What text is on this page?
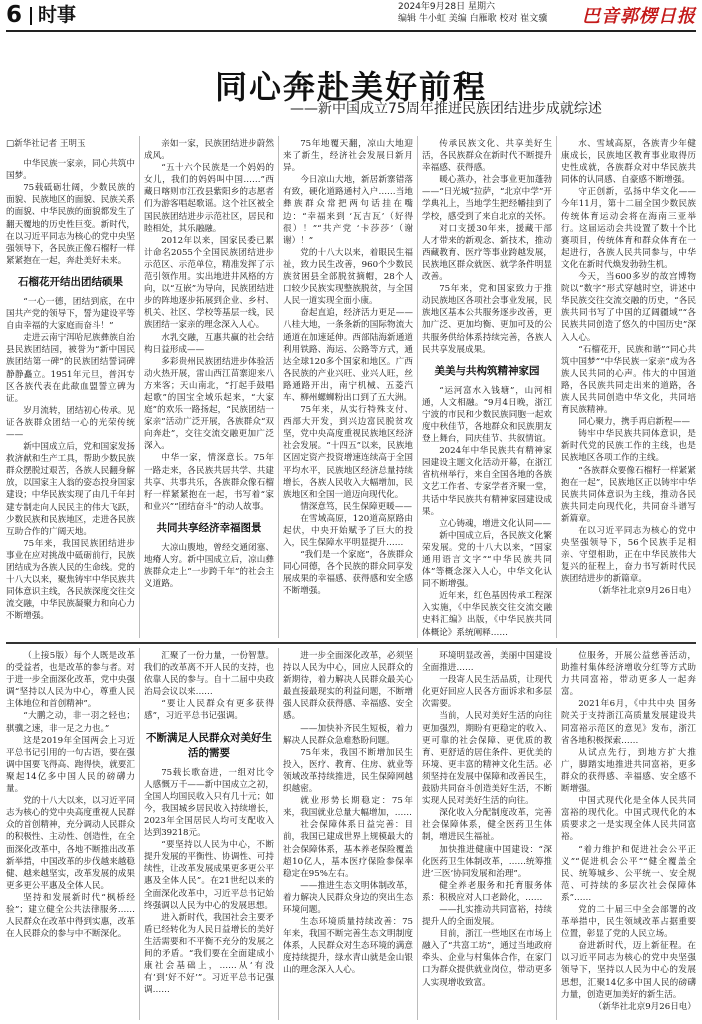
6 时事	2024年9月28日 星期六
编辑 牛小虹 美编 白雁歌 校对 崔文骥 巴音郭楞日报
同心奔赴美好前程
——新中国成立75周年推进民族团结进步成就综述

□新华社记者 王明玉

中华民族一家亲，同心共筑中国梦。

75载砥砺壮阔，少数民族的面貌、民族地区的面貌、民族关系的面貌、中华民族的面貌都发生了翻天覆地的历史性巨变。新时代，在以习近平同志为核心的党中央坚强领导下，各民族正像石榴籽一样紧紧抱在一起，奔赴美好未来。

石榴花开结出团结硕果

“一心一德，团结到底，在中国共产党的领导下，誓为建设平等自由幸福的大家庭而奋斗！”

走进云南宁洱哈尼族彝族自治县民族团结园，被誉为“新中国民族团结第一碑”的民族团结誓词碑静静矗立。1951年元旦，普洱专区各族代表在此歃血盟誓立碑为证。

岁月流转，团结初心传承。见证各族群众团结一心的光荣传统——

新中国成立后，党和国家发扬救济献和生产工具，帮助少数民族群众摆脱过艰苦，各族人民翻身解放，以国家主人翁的姿态投身国家建设；中华民族实现了由几千年封建专制走向人民民主的伟大飞跃，少数民族和民族地区，走进各民族互助合作的广阔天地。

75年来，我国民族团结进步事业在应对挑战中砥砺前行，民族团结成为各族人民的生命线。党的十八大以来，聚焦铸牢中华民族共同体意识主线，各民族深度交往交流交融，中华民族凝聚力和向心力不断增强。

亲如一家，民族团结进步蔚然成风。

“五十六个民族是一个妈妈的女儿，我们的妈妈叫中国……”西藏日喀则市江孜县紫阳乡的志愿者们为游客唱起歌谣。这个社区被全国民族团结进步示范社区，居民和睦相处，其乐融融。

2012年以来，国家民委已累计命名2055个全国民族团结进步示范区、示范单位，精准发挥了示范引领作用。实出地进井风格的方向，以“互嵌”为导向，民族团结进步的阵地逐步拓展到企业、乡村、机关、社区、学校等基层一线，民族团结一家亲的理念深入人心。

水乳交融，互惠共赢的社会结构日益形成——

多彩贵州民族团结进步体验活动火热开展，雷山西江苗寨迎来八方来客；天山南北，“打起手鼓唱起歌”的国宝全域乐起来，“大家庭”的欢乐一路扬起，“民族团结一家亲”活动广泛开展，各族群众“双向奔赴”，交往交流交融更加广泛深入。

中华一家，情深意长。75年一路走来，各民族共居共学、共建共享、共事共乐，各族群众像石榴籽一样紧紧抱在一起，书写着“家和业兴”“团结奋斗”的动人故事。

共同共享经济幸福图景

大凉山腹地，曾经交通闭塞、地瘠人穷。新中国成立后，凉山彝族群众走上“一步跨千年”的社会主义道路。

75年地覆天翻，凉山大地迎来了新生，经济社会发展日新月异。

今日凉山大地，新居新寨错落有致，硬化道路通村入户……当地彝族群众常把两句话挂在嘴边：“幸福来到 ‘瓦吉瓦’（好得很）！”“共产党 ‘卡莎莎’（谢谢）！”

党的十八大以来，着眼民生福祉，致力民生改善，960个少数民族贫困县全部脱贫摘帽，28个人口较少民族实现整族脱贫，与全国人民一道实现全面小康。

奋起直追，经济活力更足——八桂大地，一条条新的国际物流大通道在加速延伸。西部陆海新通道利用铁路、海运、公路等方式，通达全球120多个国家和地区。广西各民族的产业兴旺、业兴人旺，丝路通路开出，南宁机械、五菱汽车、柳州螺蛳粉出口到了五大洲。

75年来，从实行特殊支付、西部大开发，到兴边富民脱贫攻坚，党中央高度重视民族地区经济社会发展。“十四五”以来，民族地区固定资产投资增速连续高于全国平均水平，民族地区经济总量持续增长，各族人民收入大幅增加，民族地区和全国一道迈向现代化。

情深意笃，民生保障更暖——

在雪域高原，120道高原路由起伏，中央开始赋予了巨大的投入，民生保障水平明显提升……

“我们是一个家庭”，各族群众同心同德，各个民族的群众同享发展成果的幸福感、获得感和安全感不断增强。

传承民族文化、共享美好生活，各民族群众在新时代不断提升幸福感、获得感。

暖心蒸办，社会事业更加蓬勃——“日光城”拉萨，“北京中学”开学典礼上，当地学生把经幡挂到了学校，感受到了来自北京的关怀。

对口支援30年来，援藏干部人才带来的新观念、新技术，推动西藏教育、医疗等事业跨越发展，民族地区群众就医、就学条件明显改善。

75年来，党和国家致力于推动民族地区各项社会事业发展，民族地区基本公共服务逐步改善，更加广泛、更加均衡、更加可及的公共服务供给体系持续完善，各族人民共享发展成果。

美美与共构筑精神家园

“运河富水入钱塘”，山河相通，人文相融。“9月4日晚，浙江宁波的市民和少数民族同胞一起欢度中秋佳节，各地群众和民族朋友登上舞台，同庆佳节、共叙情谊。

2024年中华民族共有精神家园建设主题文化活动开幕，在浙江省杭州举行，来自全国各地的各族文艺工作者、专家学者齐聚一堂，共话中华民族共有精神家园建设成果。

立心铸魂，增进文化认同——

新中国成立后，各民族文化繁荣发展。党的十八大以来，“国家通用语言文字”“中华民族共同体”等概念深入人心，中华文化认同不断增强。

近年来，红色基因传承工程深入实施，《中华民族交往交流交融史料汇编》出版，《中华民族共同体概论》系统阐释……

水、雪域高原，各族青少年健康成长，民族地区教育事业取得历史性成就，各族群众对中华民族共同体的认同感、自豪感不断增强。

守正创新，弘扬中华文化——今年11月，第十二届全国少数民族传统体育运动会将在海南三亚举行。这届运动会共设置了数十个比赛项目，传统体育和群众体育在一起进行，各族人民共同参与，中华文化在新时代焕发勃勃生机。

今天，当600多岁的故宫博物院以“数字”形式穿越时空，讲述中华民族交往交流交融的历史，“各民族共同书写了中国的辽阔疆域”“各民族共同创造了悠久的中国历史”深入人心。

“石榴花开，民族和谐”“同心共筑中国梦”“中华民族一家亲”成为各族人民共同的心声。伟大的中国道路，各民族共同走出来的道路，各族人民共同创造中华文化，共同培育民族精神。

同心聚力，携手再启新程——

铸牢中华民族共同体意识，是新时代党的民族工作的主线，也是民族地区各项工作的主线。

“各族群众要像石榴籽一样紧紧抱在一起”，民族地区正以铸牢中华民族共同体意识为主线，推动各民族共同走向现代化，共同奋斗谱写新篇章。

在以习近平同志为核心的党中央坚强领导下，56个民族手足相亲、守望相助，正在中华民族伟大复兴的征程上，奋力书写新时代民族团结进步的新篇章。

（新华社北京9月26日电）

（上接5版）每个人既是改革的受益者，也是改革的参与者。对于进一步全面深化改革，党中央强调“坚持以人民为中心，尊重人民主体地位和首创精神”。

“大鹏之动，非一羽之轻也；骐骥之速，非一足之力也。”

这是2019年全国两会上习近平总书记引用的一句古语，要在强调中国要飞得高、跑得快，就要汇聚起14亿多中国人民的磅礴力量。

党的十八大以来，以习近平同志为核心的党中央高度重视人民群众的首创精神，充分调动人民群众的积极性、主动性、创造性，在全面深化改革中，各地不断推出改革新举措，中国改革的步伐越来越稳健、越来越坚实，改革发展的成果更多更公平惠及全体人民。

坚持和发展新时代“枫桥经验”；建立健全公共法律服务……人民群众在改革中得到实惠，改革在人民群众的参与中不断深化。

汇聚了一份力量，一份智慧。我们的改革离不开人民的支持，也依靠人民的参与。自十二届中央政治局会议以来……

“要让人民群众有更多获得感”，习近平总书记强调。

不断满足人民群众对美好生活的需要

75载长歌奋进，一组对比令人感慨万千——新中国成立之初，全国人均国民收入只有几十元；如今，我国城乡居民收入持续增长，2023年全国居民人均可支配收入达到39218元。

“要坚持以人民为中心，不断提升发展的平衡性、协调性、可持续性，让改革发展成果更多更公平惠及全体人民”。在21世纪以来的全面深化改革中，习近平总书记始终强调以人民为中心的发展思想。

进入新时代，我国社会主要矛盾已经转化为人民日益增长的美好生活需要和不平衡不充分的发展之间的矛盾。“我们要在全面建成小康社会基础上，……从‘有没有’到‘好不好’”。习近平总书记强调……

进一步全面深化改革，必须坚持以人民为中心，回应人民群众的新期待，着力解决人民群众最关心最直接最现实的利益问题，不断增强人民群众获得感、幸福感、安全感。

——加快补齐民生短板，着力解决人民群众急难愁盼问题。

75年来，我国不断增加民生投入，医疗、教育、住房、就业等领域改革持续推进，民生保障网越织越密。

就业形势长期稳定：75年来，我国就业总量大幅增加，……

社会保障体系日益完善：目前，我国已建成世界上规模最大的社会保障体系，基本养老保险覆盖超10亿人，基本医疗保险参保率稳定在95%左右。

——推进生态文明体制改革，着力解决人民群众身边的突出生态环境问题。

生态环境质量持续改善：75年来，我国不断完善生态文明制度体系，人民群众对生态环境的满意度持续提升，绿水青山就是金山银山的理念深入人心。

环境明显改善，美丽中国建设全面推进……

一段寄人民生活品质，让现代化更好回应人民各方面诉求和多层次需要。

当前，人民对美好生活的向往更加强烈，期盼有更稳定的收入、更可靠的社会保障、更优质的教育、更舒适的居住条件、更优美的环境、更丰富的精神文化生活。必须坚持在发展中保障和改善民生，鼓励共同奋斗创造美好生活，不断实现人民对美好生活的向往。

深化收入分配制度改革，完善社会保障体系，健全医药卫生体制，增进民生福祉。

加快推进健康中国建设：“深化医药卫生体制改革，……统筹推进‘三医’协同发展和治理”。

健全养老服务和托育服务体系：积极应对人口老龄化，……

——扎实推动共同富裕，持续提升人的全面发展。

目前，浙江一些地区在市场上融入了“共富工坊”，通过当地政府牵头、企业与村集体合作，在家门口为群众提供就业岗位，带动更多人实现增收致富。

位服务，开展公益慈善活动，助推村集体经济增收分红等方式助力共同富裕，带动更多人一起奔富。

2021年6月，《中共中央 国务院关于支持浙江高质量发展建设共同富裕示范区的意见》发布，浙江省各地积极探索……

从试点先行，到地方扩大推广，脚踏实地推进共同富裕，更多群众的获得感、幸福感、安全感不断增强。

中国式现代化是全体人民共同富裕的现代化。中国式现代化的本质要求之一是实现全体人民共同富裕。

“着力维护和促进社会公平正义”“促进机会公平”“健全覆盖全民、统筹城乡、公平统一、安全规范、可持续的多层次社会保障体系”……

党的二十届三中全会部署的改革举措中，民生领域改革占据重要位置，彰显了党的人民立场。

奋进新时代，迈上新征程。在以习近平同志为核心的党中央坚强领导下，坚持以人民为中心的发展思想，汇聚14亿多中国人民的磅礴力量，创造更加美好的新生活。

（新华社北京9月26日电）
